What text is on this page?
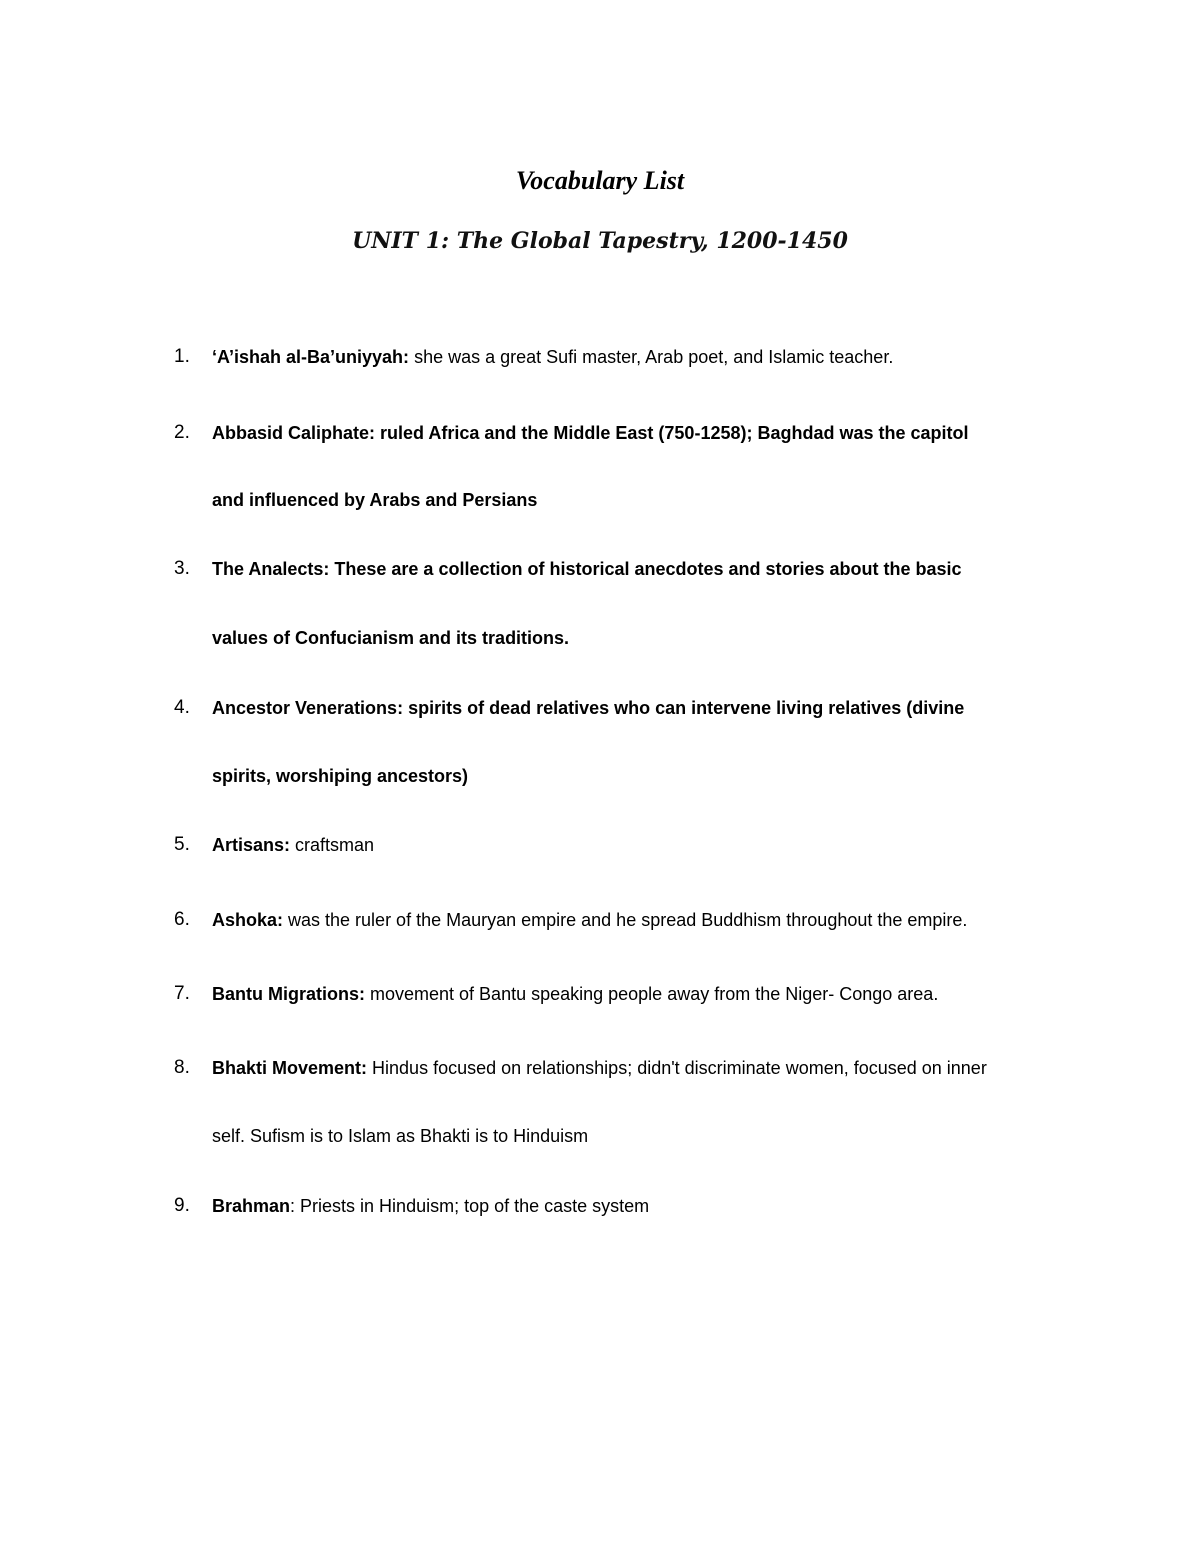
Vocabulary List
UNIT 1: The Global Tapestry, 1200-1450
1.	‘A’ishah al-Ba’uniyyah: she was a great Sufi master, Arab poet, and Islamic teacher.
2.	Abbasid Caliphate: ruled Africa and the Middle East (750-1258); Baghdad was the capitol
and influenced by Arabs and Persians
3.	The Analects: These are a collection of historical anecdotes and stories about the basic
values of Confucianism and its traditions.
4.	Ancestor Venerations: spirits of dead relatives who can intervene living relatives (divine
spirits, worshiping ancestors)
5.	Artisans: craftsman
6.	Ashoka: was the ruler of the Mauryan empire and he spread Buddhism throughout the empire.
7.	Bantu Migrations: movement of Bantu speaking people away from the Niger- Congo area.
8.	Bhakti Movement: Hindus focused on relationships; didn't discriminate women, focused on inner
self. Sufism is to Islam as Bhakti is to Hinduism
9.	Brahman: Priests in Hinduism; top of the caste system
